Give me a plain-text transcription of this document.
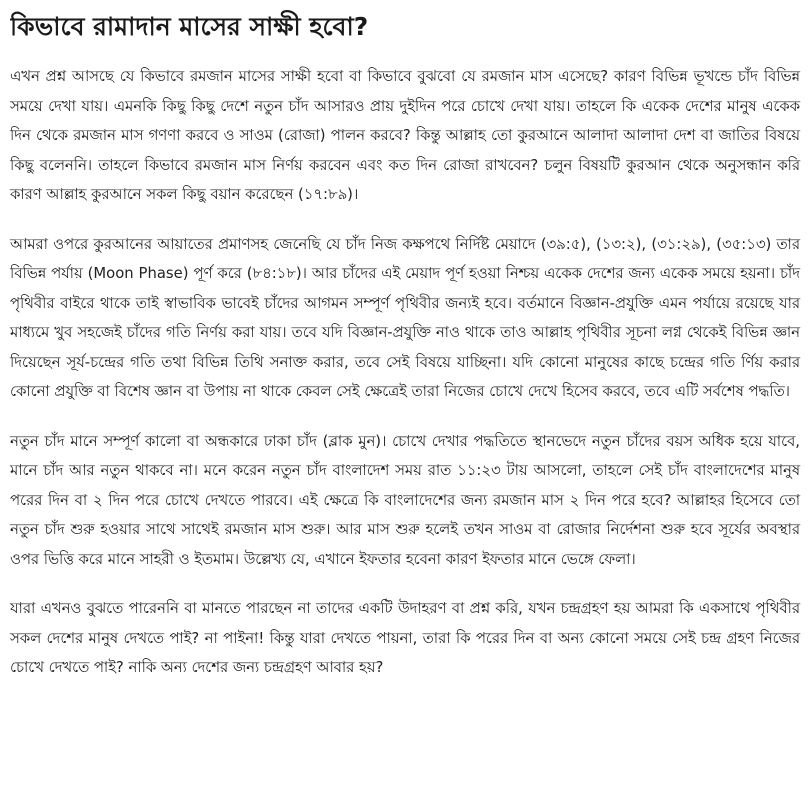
কিভাবে রামাদান মাসের সাক্ষী হবো?

এখন প্রশ্ন আসছে যে কিভাবে রমজান মাসের সাক্ষী হবো বা কিভাবে বুঝবো যে রমজান মাস এসেছে? কারণ বিভিন্ন ভূখন্ডে চাঁদ বিভিন্ন সময়ে দেখা যায়। এমনকি কিছু কিছু দেশে নতুন চাঁদ আসারও প্রায় দুইদিন পরে চোখে দেখা যায়। তাহলে কি একেক দেশের মানুষ একেক দিন থেকে রমজান মাস গণণা করবে ও সাওম (রোজা) পালন করবে? কিন্তু আল্লাহ তো কুরআনে আলাদা আলাদা দেশ বা জাতির বিষয়ে কিছু বলেননি। তাহলে কিভাবে রমজান মাস নির্ণয় করবেন এবং কত দিন রোজা রাখবেন? চলুন বিষয়টি কুরআন থেকে অনুসন্ধান করি কারণ আল্লাহ কুরআনে সকল কিছু বয়ান করেছেন (১৭:৮৯)।

আমরা ওপরে কুরআনের আয়াতের প্রমাণসহ জেনেছি যে চাঁদ নিজ কক্ষপথে নির্দিষ্ট মেয়াদে (৩৯:৫), (১৩:২), (৩১:২৯), (৩৫:১৩) তার বিভিন্ন পর্যায় (Moon Phase) পূর্ণ করে (৮৪:১৮)। আর চাঁদের এই মেয়াদ পূর্ণ হওয়া নিশ্চয় একেক দেশের জন্য একেক সময়ে হয়না। চাঁদ পৃথিবীর বাইরে থাকে তাই স্বাভাবিক ভাবেই চাঁদের আগমন সম্পূর্ণ পৃথিবীর জন্যই হবে। বর্তমানে বিজ্ঞান-প্রযুক্তি এমন পর্যায়ে রয়েছে যার মাধ্যমে খুব সহজেই চাঁদের গতি নির্ণয় করা যায়। তবে যদি বিজ্ঞান-প্রযুক্তি নাও থাকে তাও আল্লাহ পৃথিবীর সূচনা লগ্ন থেকেই বিভিন্ন জ্ঞান দিয়েছেন সূর্য-চন্দ্রের গতি তথা বিভিন্ন তিথি সনাক্ত করার, তবে সেই বিষয়ে যাচ্ছিনা। যদি কোনো মানুষের কাছে চন্দ্রের গতি র্ণিয় করার কোনো প্রযুক্তি বা বিশেষ জ্ঞান বা উপায় না থাকে কেবল সেই ক্ষেত্রেই তারা নিজের চোখে দেখে হিসেব করবে, তবে এটি সর্বশেষ পদ্ধতি।

নতুন চাঁদ মানে সম্পূর্ণ কালো বা অন্ধকারে ঢাকা চাঁদ (ব্লাক মুন)। চোখে দেখার পদ্ধতিতে স্থানভেদে নতুন চাঁদের বয়স অধিক হয়ে যাবে, মানে চাঁদ আর নতুন থাকবে না। মনে করেন নতুন চাঁদ বাংলাদেশ সময় রাত ১১:২৩ টায় আসলো, তাহলে সেই চাঁদ বাংলাদেশের মানুষ পরের দিন বা ২ দিন পরে চোখে দেখতে পারবে। এই ক্ষেত্রে কি বাংলাদেশের জন্য রমজান মাস ২ দিন পরে হবে? আল্লাহর হিসেবে তো নতুন চাঁদ শুরু হওয়ার সাথে সাথেই রমজান মাস শুরু। আর মাস শুরু হলেই তখন সাওম বা রোজার নির্দেশনা শুরু হবে সূর্যের অবস্থার ওপর ভিত্তি করে মানে সাহরী ও ইতমাম। উল্লেখ্য যে, এখানে ইফতার হবেনা কারণ ইফতার মানে ভেঙ্গে ফেলা।

যারা এখনও বুঝতে পারেননি বা মানতে পারছেন না তাদের একটি উদাহরণ বা প্রশ্ন করি, যখন চন্দ্রগ্রহণ হয় আমরা কি একসাথে পৃথিবীর সকল দেশের মানুষ দেখতে পাই? না পাইনা! কিন্তু যারা দেখতে পায়না, তারা কি পরের দিন বা অন্য কোনো সময়ে সেই চন্দ্র গ্রহণ নিজের চোখে দেখতে পাই? নাকি অন্য দেশের জন্য চন্দ্রগ্রহণ আবার হয়?
